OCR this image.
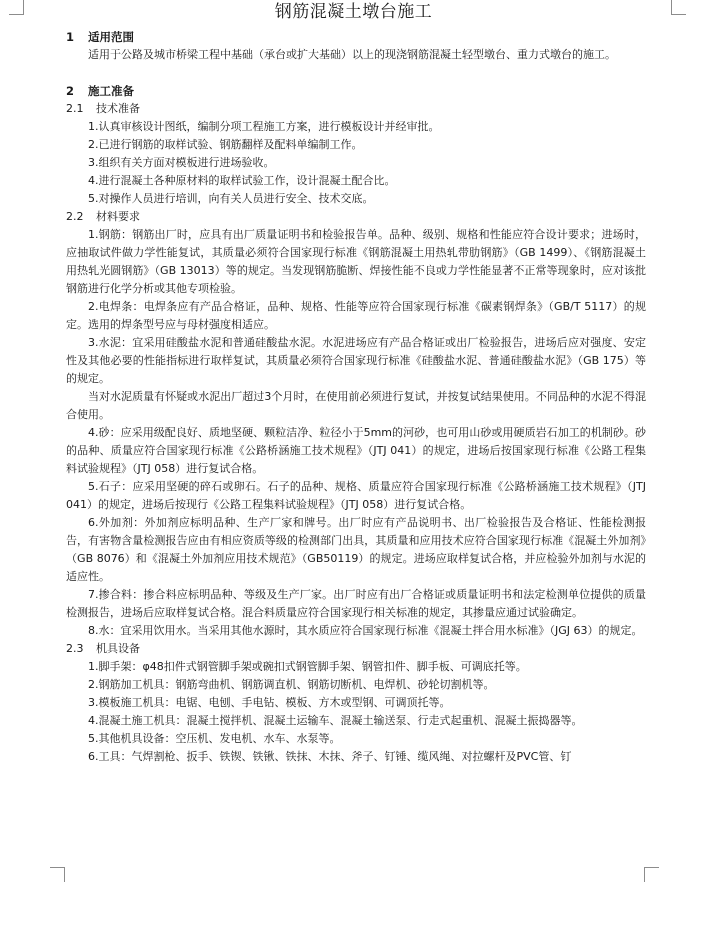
钢筋混凝土墩台施工

1 适用范围

适用于公路及城市桥梁工程中基础（承台或扩大基础）以上的现浇钢筋混凝土轻型墩台、重力式墩台的施工。

2 施工准备

2.1 技术准备

1.认真审核设计图纸，编制分项工程施工方案，进行模板设计并经审批。

2.已进行钢筋的取样试验、钢筋翻样及配料单编制工作。

3.组织有关方面对模板进行进场验收。

4.进行混凝土各种原材料的取样试验工作，设计混凝土配合比。

5.对操作人员进行培训，向有关人员进行安全、技术交底。

2.2 材料要求

1.钢筋：钢筋出厂时，应具有出厂质量证明书和检验报告单。品种、级别、规格和性能应符合设计要求；进场时，应抽取试件做力学性能复试，其质量必须符合国家现行标准《钢筋混凝土用热轧带肋钢筋》（GB 1499）、《钢筋混凝土用热轧光圆钢筋》（GB 13013）等的规定。当发现钢筋脆断、焊接性能不良或力学性能显著不正常等现象时，应对该批钢筋进行化学分析或其他专项检验。

2.电焊条：电焊条应有产品合格证，品种、规格、性能等应符合国家现行标准《碳素钢焊条》（GB/T 5117）的规定。选用的焊条型号应与母材强度相适应。

3.水泥：宜采用硅酸盐水泥和普通硅酸盐水泥。水泥进场应有产品合格证或出厂检验报告，进场后应对强度、安定性及其他必要的性能指标进行取样复试，其质量必须符合国家现行标准《硅酸盐水泥、普通硅酸盐水泥》（GB 175）等的规定。

当对水泥质量有怀疑或水泥出厂超过3个月时，在使用前必须进行复试，并按复试结果使用。不同品种的水泥不得混合使用。

4.砂：应采用级配良好、质地坚硬、颗粒洁净、粒径小于5mm的河砂，也可用山砂或用硬质岩石加工的机制砂。砂的品种、质量应符合国家现行标准《公路桥涵施工技术规程》（JTJ 041）的规定，进场后按国家现行标准《公路工程集料试验规程》（JTJ 058）进行复试合格。

5.石子：应采用坚硬的碎石或卵石。石子的品种、规格、质量应符合国家现行标准《公路桥涵施工技术规程》（JTJ 041）的规定，进场后按现行《公路工程集料试验规程》（JTJ 058）进行复试合格。

6.外加剂：外加剂应标明品种、生产厂家和牌号。出厂时应有产品说明书、出厂检验报告及合格证、性能检测报告，有害物含量检测报告应由有相应资质等级的检测部门出具，其质量和应用技术应符合国家现行标准《混凝土外加剂》（GB 8076）和《混凝土外加剂应用技术规范》（GB50119）的规定。进场应取样复试合格，并应检验外加剂与水泥的适应性。

7.掺合料：掺合料应标明品种、等级及生产厂家。出厂时应有出厂合格证或质量证明书和法定检测单位提供的质量检测报告，进场后应取样复试合格。混合料质量应符合国家现行相关标准的规定，其掺量应通过试验确定。

8.水：宜采用饮用水。当采用其他水源时，其水质应符合国家现行标准《混凝土拌合用水标准》（JGJ 63）的规定。

2.3 机具设备

1.脚手架：φ48扣件式钢管脚手架或碗扣式钢管脚手架、钢管扣件、脚手板、可调底托等。

2.钢筋加工机具：钢筋弯曲机、钢筋调直机、钢筋切断机、电焊机、砂轮切割机等。

3.模板施工机具：电锯、电刨、手电钻、模板、方木或型钢、可调顶托等。

4.混凝土施工机具：混凝土搅拌机、混凝土运输车、混凝土输送泵、行走式起重机、混凝土振捣器等。

5.其他机具设备：空压机、发电机、水车、水泵等。

6.工具：气焊割枪、扳手、铁锲、铁锹、铁抹、木抹、斧子、钉锤、缆风绳、对拉螺杆及PVC管、钉
